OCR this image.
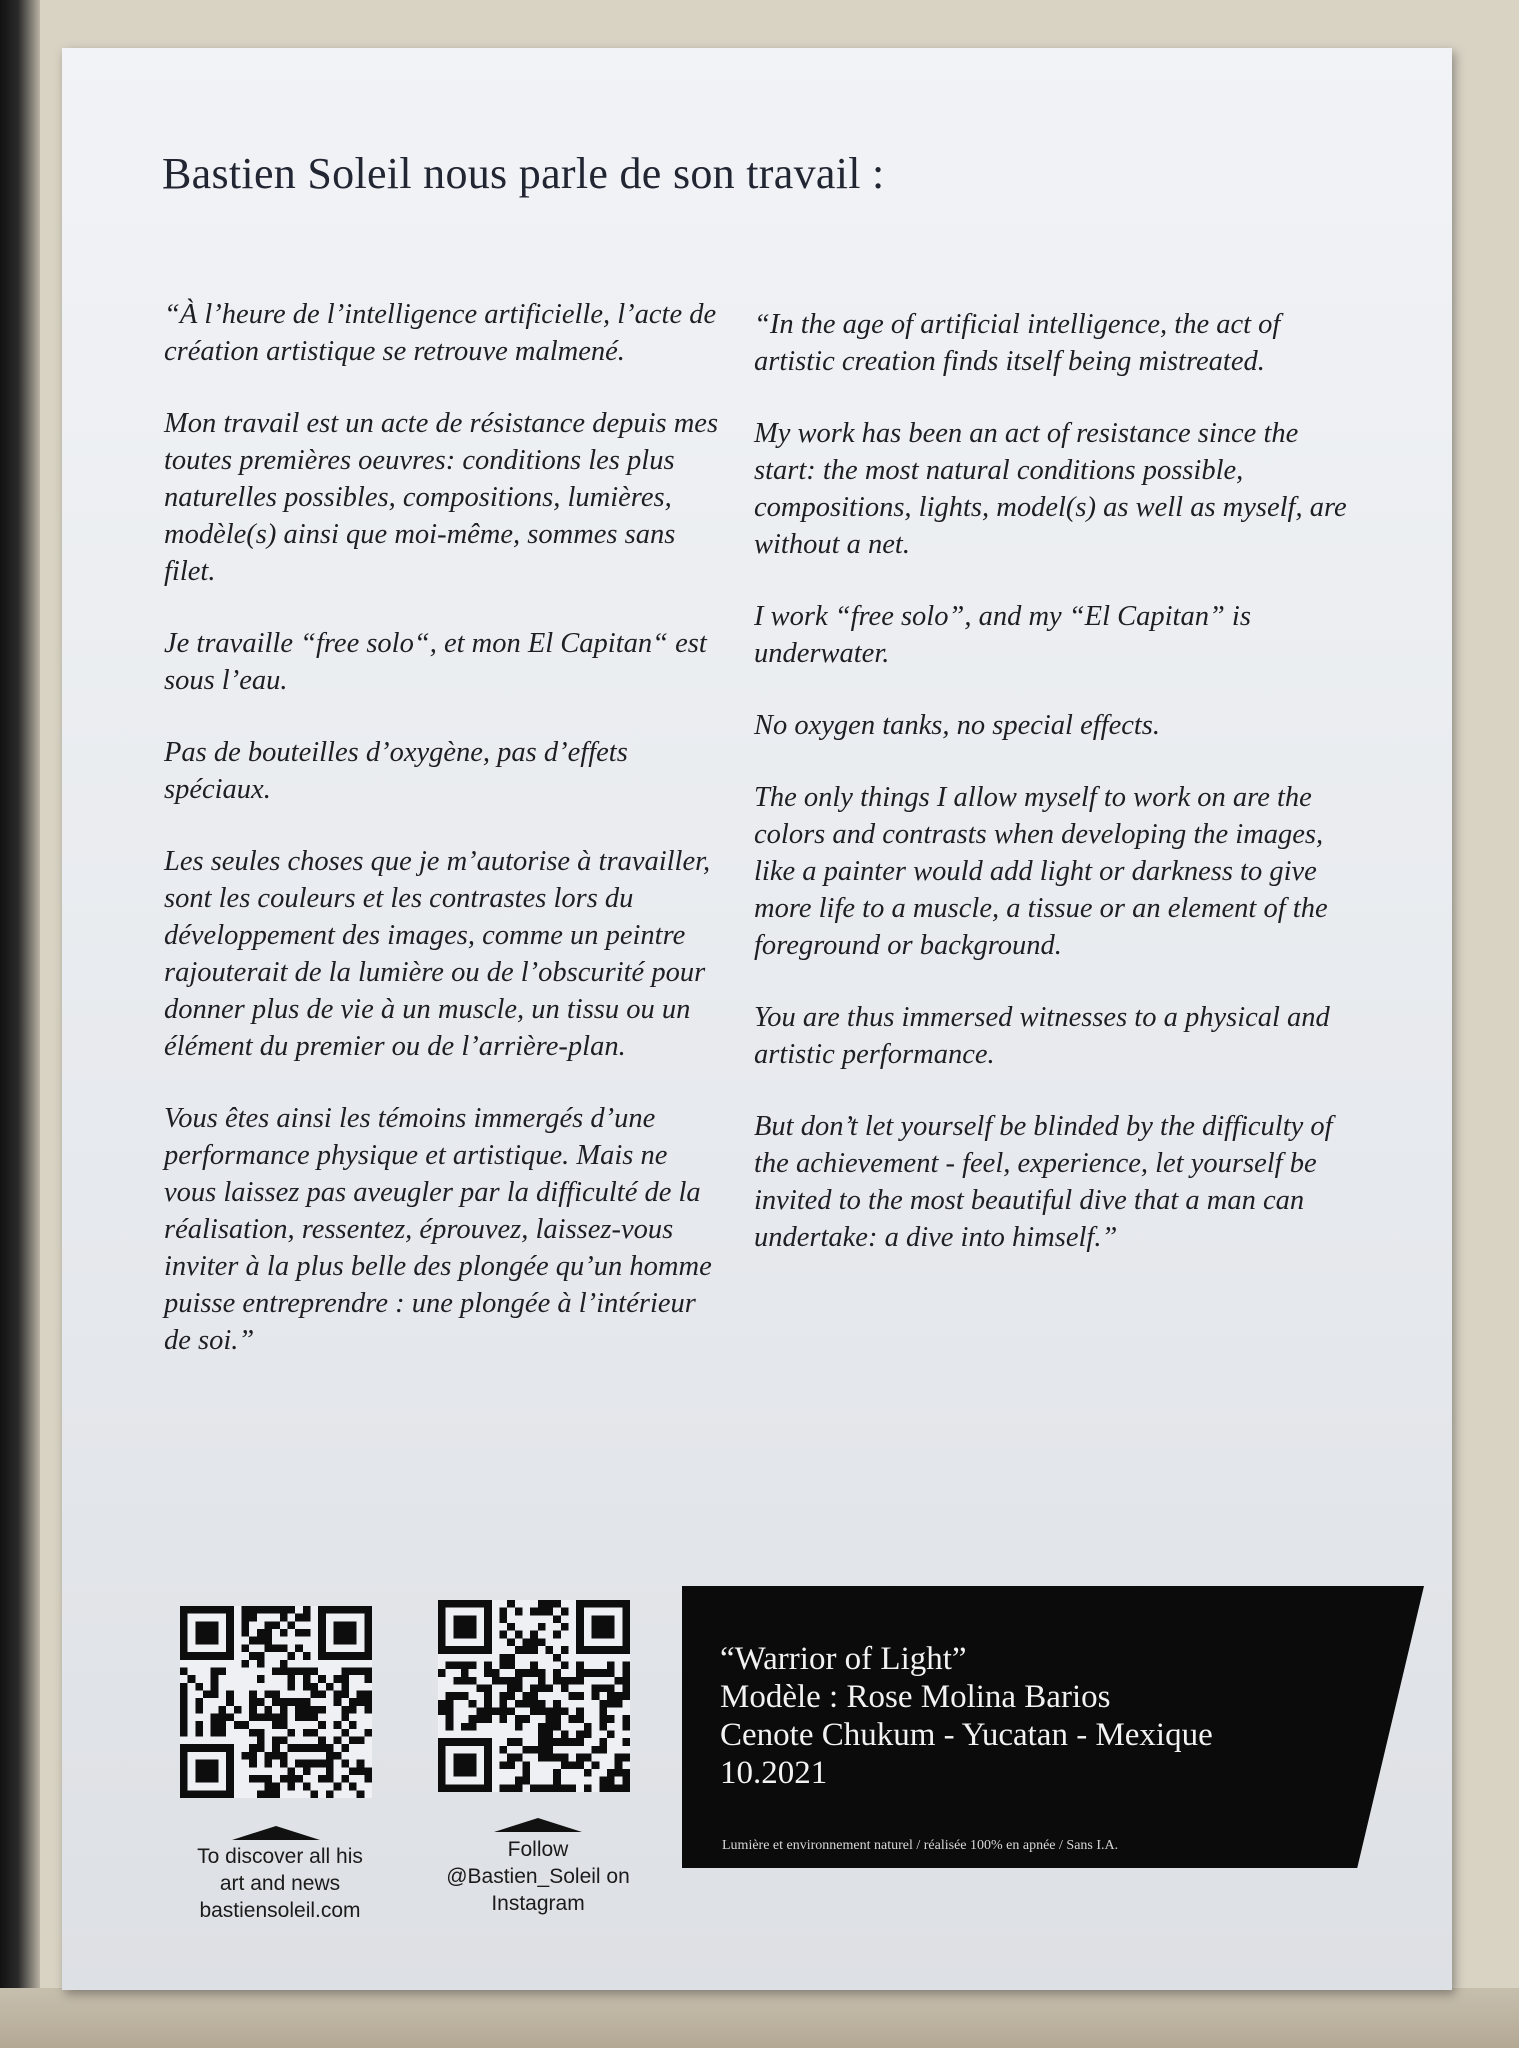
Bastien Soleil nous parle de son travail :

“À l’heure de l’intelligence artificielle, l’acte de création artistique se retrouve malmené.

Mon travail est un acte de résistance depuis mes toutes premières oeuvres: conditions les plus naturelles possibles, compositions, lumières, modèle(s) ainsi que moi-même, sommes sans filet.

Je travaille “free solo“, et mon El Capitan“ est sous l’eau.

Pas de bouteilles d’oxygène, pas d’effets spéciaux.

Les seules choses que je m’autorise à travailler, sont les couleurs et les contrastes lors du développement des images, comme un peintre rajouterait de la lumière ou de l’obscurité pour donner plus de vie à un muscle, un tissu ou un élément du premier ou de l’arrière-plan.

Vous êtes ainsi les témoins immergés d’une performance physique et artistique. Mais ne vous laissez pas aveugler par la difficulté de la réalisation, ressentez, éprouvez, laissez-vous inviter à la plus belle des plongée qu’un homme puisse entreprendre : une plongée à l’intérieur de soi.”

“In the age of artificial intelligence, the act of artistic creation finds itself being mistreated.

My work has been an act of resistance since the start: the most natural conditions possible, compositions, lights, model(s) as well as myself, are without a net.

I work “free solo”, and my “El Capitan” is underwater.

No oxygen tanks, no special effects.

The only things I allow myself to work on are the colors and contrasts when developing the images, like a painter would add light or darkness to give more life to a muscle, a tissue or an element of the foreground or background.

You are thus immersed witnesses to a physical and artistic performance.

But don’t let yourself be blinded by the difficulty of the achievement - feel, experience, let yourself be invited to the most beautiful dive that a man can undertake: a dive into himself.”

To discover all his
art and news
bastiensoleil.com
Follow
@Bastien_Soleil on
Instagram
“Warrior of Light”
Modèle : Rose Molina Barios
Cenote Chukum - Yucatan - Mexique
10.2021
Lumière et environnement naturel / réalisée 100% en apnée / Sans I.A.
